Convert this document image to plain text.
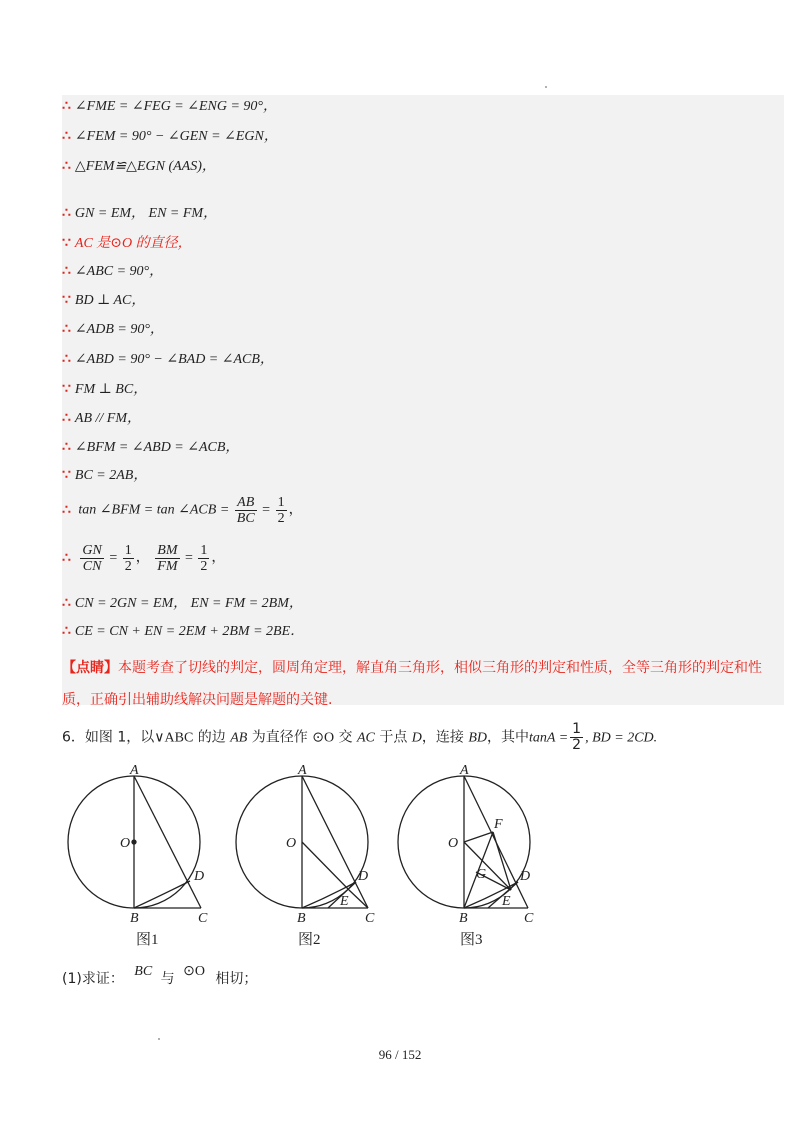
∴ ∠FME = ∠FEG = ∠ENG = 90°，
∴ ∠FEM = 90° − ∠GEN = ∠EGN，
∴ △FEM≌△EGN (AAS)，
∴ GN = EM， EN = FM，
∵ AC 是⊙O 的直径，
∴ ∠ABC = 90°，
∵ BD ⊥ AC，
∴ ∠ADB = 90°，
∴ ∠ABD = 90° − ∠BAD = ∠ACB，
∵ FM ⊥ BC，
∴ AB // FM，
∴ ∠BFM = ∠ABD = ∠ACB，
∵ BC = 2AB，
∴ tan ∠BFM = tan ∠ACB = $\frac{AB}{BC} = \frac{1}{2}$ ，
∴ $\frac{GN}{CN} = \frac{1}{2}$ ， $\frac{BM}{FM} = \frac{1}{2}$ ，
∴ CN = 2GN = EM， EN = FM = 2BM，
∴ CE = CN + EN = 2EM + 2BM = 2BE．
【点睛】本题考查了切线的判定，圆周角定理，解直角三角形，相似三角形的判定和性质，全等三角形的判定和性质，正确引出辅助线解决问题是解题的关键.
6．如图 1，以∨ABC 的边 AB 为直径作 ⊙O 交 AC 于点 D，连接 BD，其中$\tan A = \frac{1}{2}$ , BD = 2CD.
A
O
D
B	C
图1
A
O
D
B	C
E
图2
A
O
D
B	C
E
F
G
图3
(1)求证： BC 与 ⊙O 相切；
96 / 152
